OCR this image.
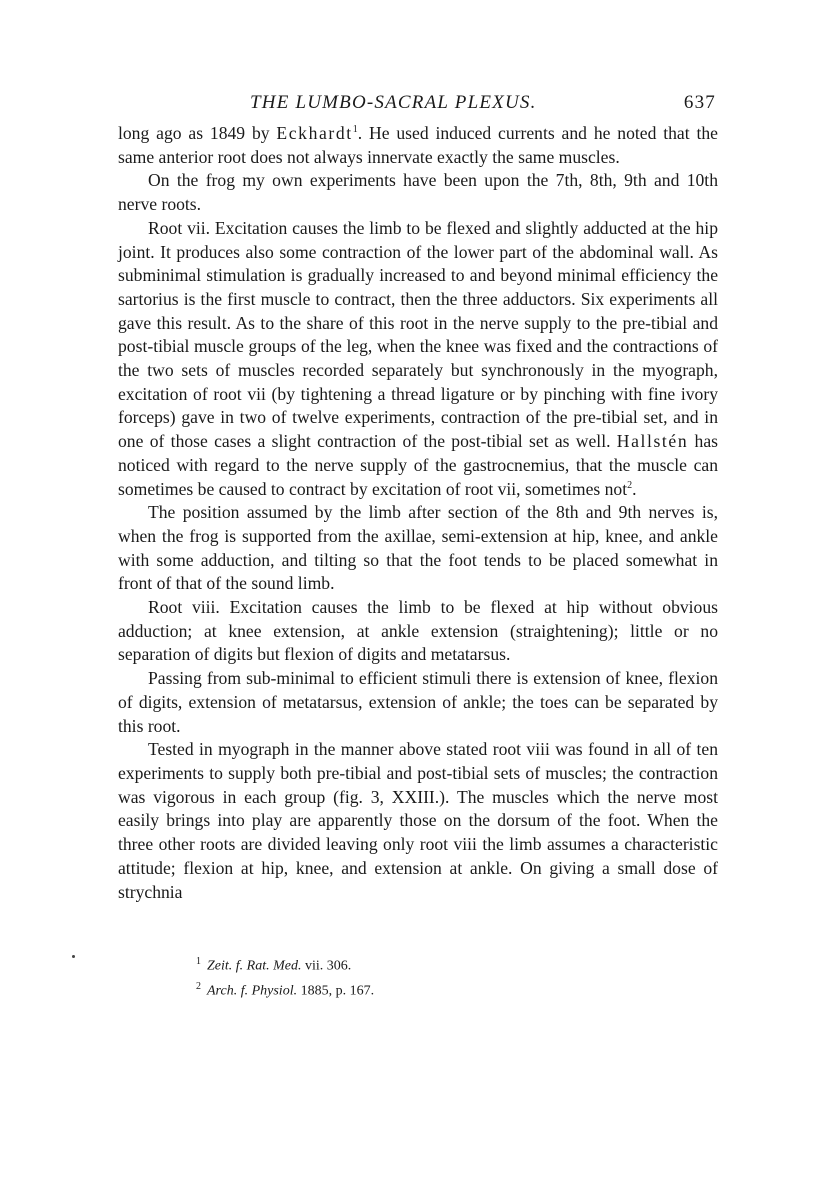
THE LUMBO-SACRAL PLEXUS.	637

long ago as 1849 by Eckhardt$^1$. He used induced currents and he noted that the same anterior root does not always innervate exactly the same muscles.

On the frog my own experiments have been upon the 7th, 8th, 9th and 10th nerve roots.

Root vii. Excitation causes the limb to be flexed and slightly adducted at the hip joint. It produces also some contraction of the lower part of the abdominal wall. As subminimal stimulation is gradually increased to and beyond minimal efficiency the sartorius is the first muscle to contract, then the three adductors. Six experiments all gave this result. As to the share of this root in the nerve supply to the pre-tibial and post-tibial muscle groups of the leg, when the knee was fixed and the contractions of the two sets of muscles recorded separately but synchronously in the myograph, excitation of root vii (by tightening a thread ligature or by pinching with fine ivory forceps) gave in two of twelve experiments, contraction of the pre-tibial set, and in one of those cases a slight contraction of the post-tibial set as well. Hallstén has noticed with regard to the nerve supply of the gastrocnemius, that the muscle can sometimes be caused to contract by excitation of root vii, sometimes not$^2$.

The position assumed by the limb after section of the 8th and 9th nerves is, when the frog is supported from the axillae, semi-extension at hip, knee, and ankle with some adduction, and tilting so that the foot tends to be placed somewhat in front of that of the sound limb.

Root viii. Excitation causes the limb to be flexed at hip without obvious adduction; at knee extension, at ankle extension (straightening); little or no separation of digits but flexion of digits and metatarsus.

Passing from sub-minimal to efficient stimuli there is extension of knee, flexion of digits, extension of metatarsus, extension of ankle; the toes can be separated by this root.

Tested in myograph in the manner above stated root viii was found in all of ten experiments to supply both pre-tibial and post-tibial sets of muscles; the contraction was vigorous in each group (fig. 3, XXIII.). The muscles which the nerve most easily brings into play are apparently those on the dorsum of the foot. When the three other roots are divided leaving only root viii the limb assumes a characteristic attitude; flexion at hip, knee, and extension at ankle. On giving a small dose of strychnia

$^1$ Zeit. f. Rat. Med. vii. 306.
$^2$ Arch. f. Physiol. 1885, p. 167.
